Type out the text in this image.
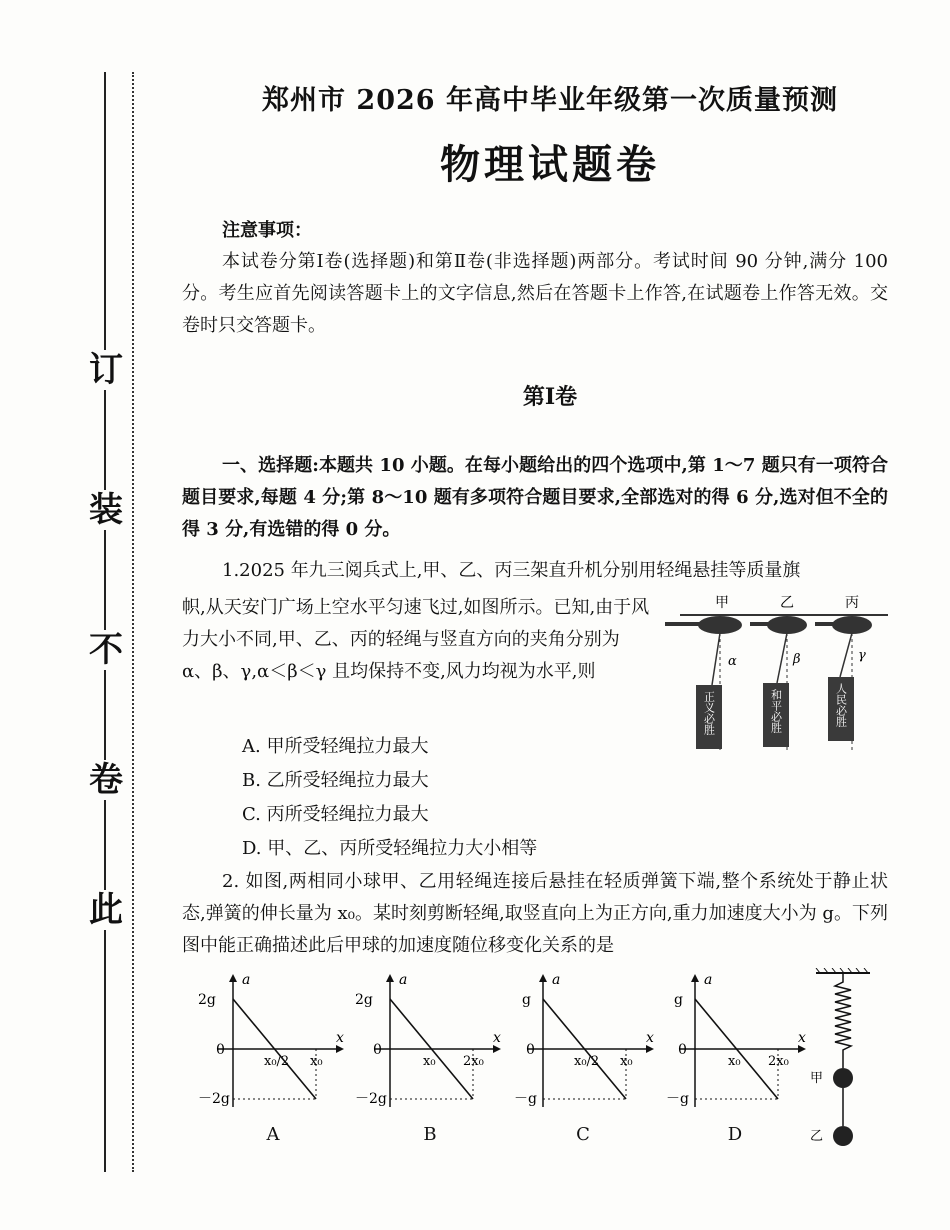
订
装
不
卷
此
郑州市 2026 年高中毕业年级第一次质量预测
物理试题卷
注意事项：
本试卷分第Ⅰ卷(选择题)和第Ⅱ卷(非选择题)两部分。考试时间 90 分钟,满分 100 分。考生应首先阅读答题卡上的文字信息,然后在答题卡上作答,在试题卷上作答无效。交卷时只交答题卡。
第Ⅰ卷
一、选择题:本题共 10 小题。在每小题给出的四个选项中,第 1～7 题只有一项符合题目要求,每题 4 分;第 8～10 题有多项符合题目要求,全部选对的得 6 分,选对但不全的得 3 分,有选错的得 0 分。
1.2025 年九三阅兵式上,甲、乙、丙三架直升机分别用轻绳悬挂等质量旗
帜,从天安门广场上空水平匀速飞过,如图所示。已知,由于风力大小不同,甲、乙、丙的轻绳与竖直方向的夹角分别为 α、β、γ,α＜β＜γ 且均保持不变,风力均视为水平,则
甲	乙	丙
α	β	γ
正义必胜	和平必胜	人民必胜
A. 甲所受轻绳拉力最大
B. 乙所受轻绳拉力最大
C. 丙所受轻绳拉力最大
D. 甲、乙、丙所受轻绳拉力大小相等
2. 如图,两相同小球甲、乙用轻绳连接后悬挂在轻质弹簧下端,整个系统处于静止状态,弹簧的伸长量为 x₀。某时刻剪断轻绳,取竖直向上为正方向,重力加速度大小为 g。下列图中能正确描述此后甲球的加速度随位移变化关系的是
a
x
2g
0
－2g
x₀/2 x₀
A
a
x
2g
0
－2g
x₀ 2x₀
B
a
x
g
0
－g
x₀/2 x₀
C
a
x
g
0
－g
x₀ 2x₀
D
甲
乙
